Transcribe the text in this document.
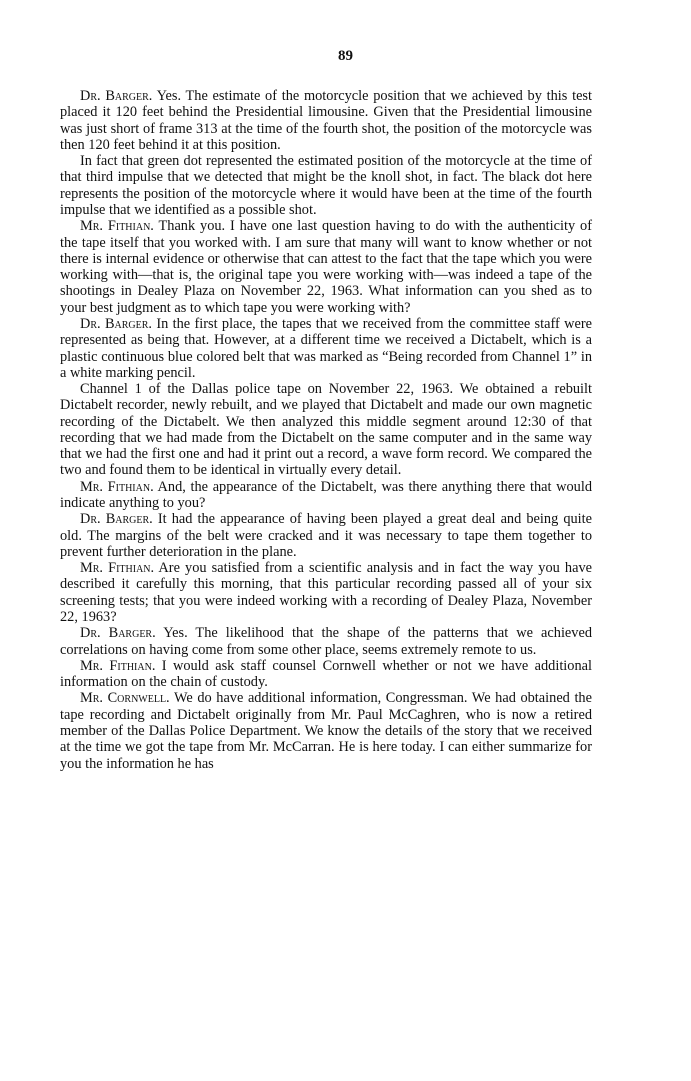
89

Dr. Barger. Yes. The estimate of the motorcycle position that we achieved by this test placed it 120 feet behind the Presidential limousine. Given that the Presidential limousine was just short of frame 313 at the time of the fourth shot, the position of the motorcycle was then 120 feet behind it at this position.

In fact that green dot represented the estimated position of the motorcycle at the time of that third impulse that we detected that might be the knoll shot, in fact. The black dot here represents the position of the motorcycle where it would have been at the time of the fourth impulse that we identified as a possible shot.

Mr. Fithian. Thank you. I have one last question having to do with the authenticity of the tape itself that you worked with. I am sure that many will want to know whether or not there is internal evidence or otherwise that can attest to the fact that the tape which you were working with—that is, the original tape you were working with—was indeed a tape of the shootings in Dealey Plaza on November 22, 1963. What information can you shed as to your best judgment as to which tape you were working with?

Dr. Barger. In the first place, the tapes that we received from the committee staff were represented as being that. However, at a different time we received a Dictabelt, which is a plastic continuous blue colored belt that was marked as “Being recorded from Channel 1” in a white marking pencil.

Channel 1 of the Dallas police tape on November 22, 1963. We obtained a rebuilt Dictabelt recorder, newly rebuilt, and we played that Dictabelt and made our own magnetic recording of the Dictabelt. We then analyzed this middle segment around 12:30 of that recording that we had made from the Dictabelt on the same computer and in the same way that we had the first one and had it print out a record, a wave form record. We compared the two and found them to be identical in virtually every detail.

Mr. Fithian. And, the appearance of the Dictabelt, was there anything there that would indicate anything to you?

Dr. Barger. It had the appearance of having been played a great deal and being quite old. The margins of the belt were cracked and it was necessary to tape them together to prevent further deterioration in the plane.

Mr. Fithian. Are you satisfied from a scientific analysis and in fact the way you have described it carefully this morning, that this particular recording passed all of your six screening tests; that you were indeed working with a recording of Dealey Plaza, November 22, 1963?

Dr. Barger. Yes. The likelihood that the shape of the patterns that we achieved correlations on having come from some other place, seems extremely remote to us.

Mr. Fithian. I would ask staff counsel Cornwell whether or not we have additional information on the chain of custody.

Mr. Cornwell. We do have additional information, Congressman. We had obtained the tape recording and Dictabelt originally from Mr. Paul McCaghren, who is now a retired member of the Dallas Police Department. We know the details of the story that we received at the time we got the tape from Mr. McCarran. He is here today. I can either summarize for you the information he has
